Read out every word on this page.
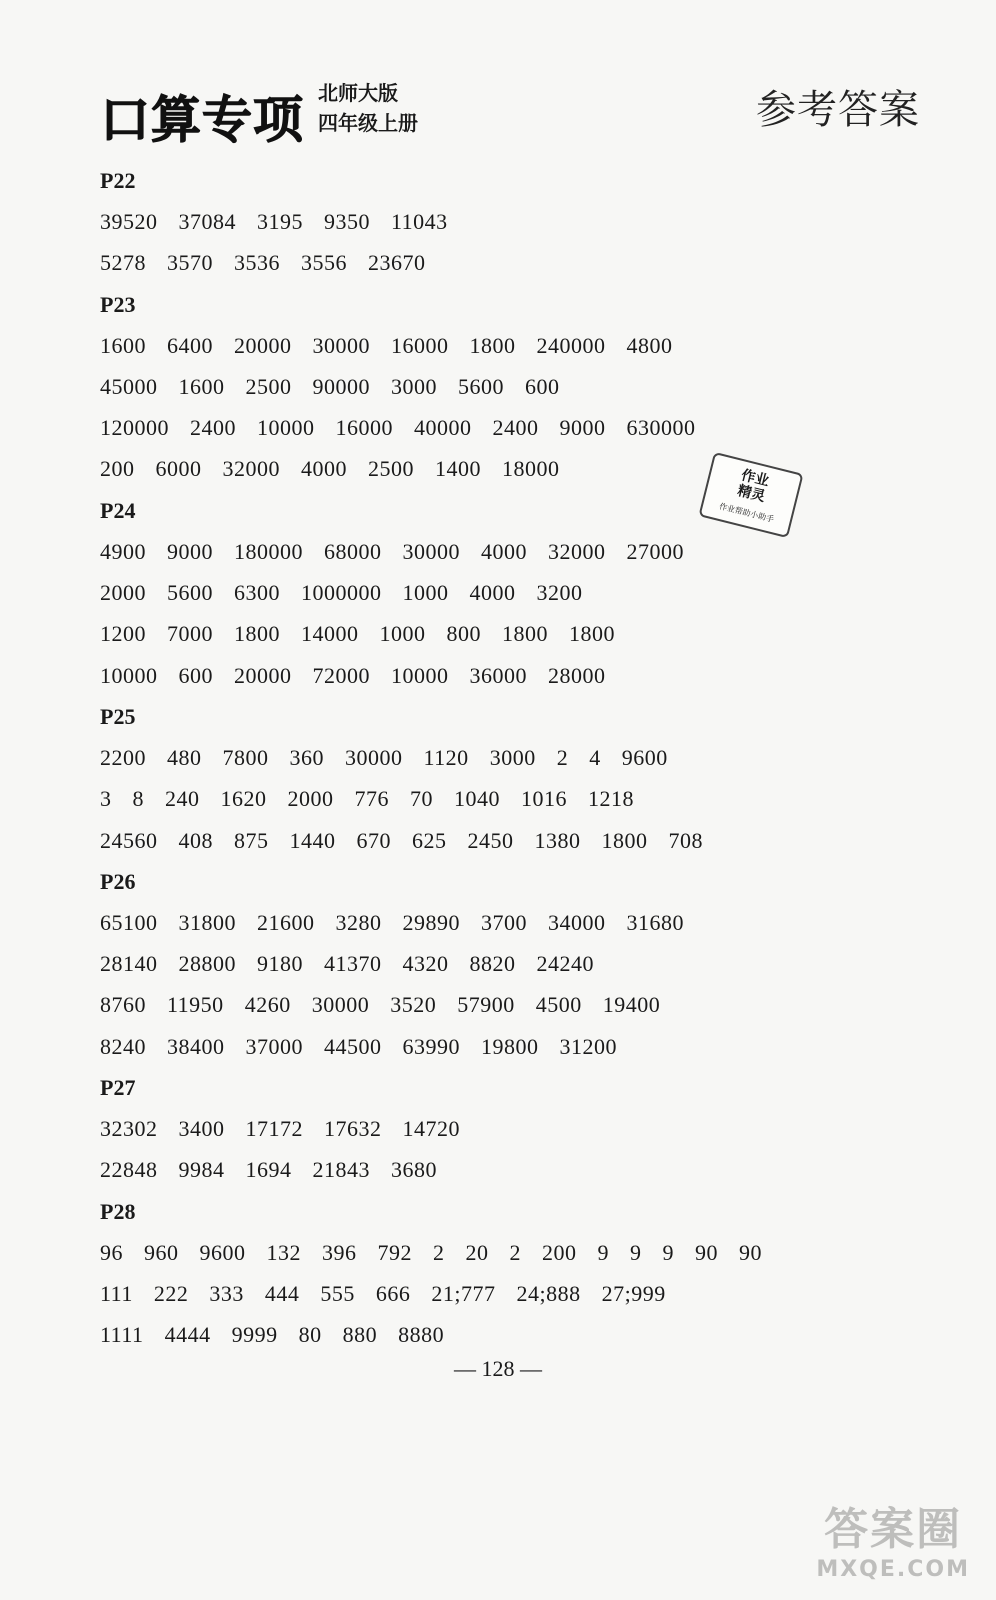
口算专项 北师大版
四年级上册	参考答案
P22
39520 37084 3195 9350 11043
5278 3570 3536 3556 23670
P23
1600 6400 20000 30000 16000 1800 240000 4800
45000 1600 2500 90000 3000 5600 600
120000 2400 10000 16000 40000 2400 9000 630000
200 6000 32000 4000 2500 1400 18000
P24
4900 9000 180000 68000 30000 4000 32000 27000
2000 5600 6300 1000000 1000 4000 3200
1200 7000 1800 14000 1000 800 1800 1800
10000 600 20000 72000 10000 36000 28000
P25
2200 480 7800 360 30000 1120 3000 2 4 9600
3 8 240 1620 2000 776 70 1040 1016 1218
24560 408 875 1440 670 625 2450 1380 1800 708
P26
65100 31800 21600 3280 29890 3700 34000 31680
28140 28800 9180 41370 4320 8820 24240
8760 11950 4260 30000 3520 57900 4500 19400
8240 38400 37000 44500 63990 19800 31200
P27
32302 3400 17172 17632 14720
22848 9984 1694 21843 3680
P28
96 960 9600 132 396 792 2 20 2 200 9 9 9 90 90
111 222 333 444 555 666 21;777 24;888 27;999
1111 4444 9999 80 880 8880
作业
精灵
作业帮助小助手
— 128 —
答案圈
MXQE.COM
